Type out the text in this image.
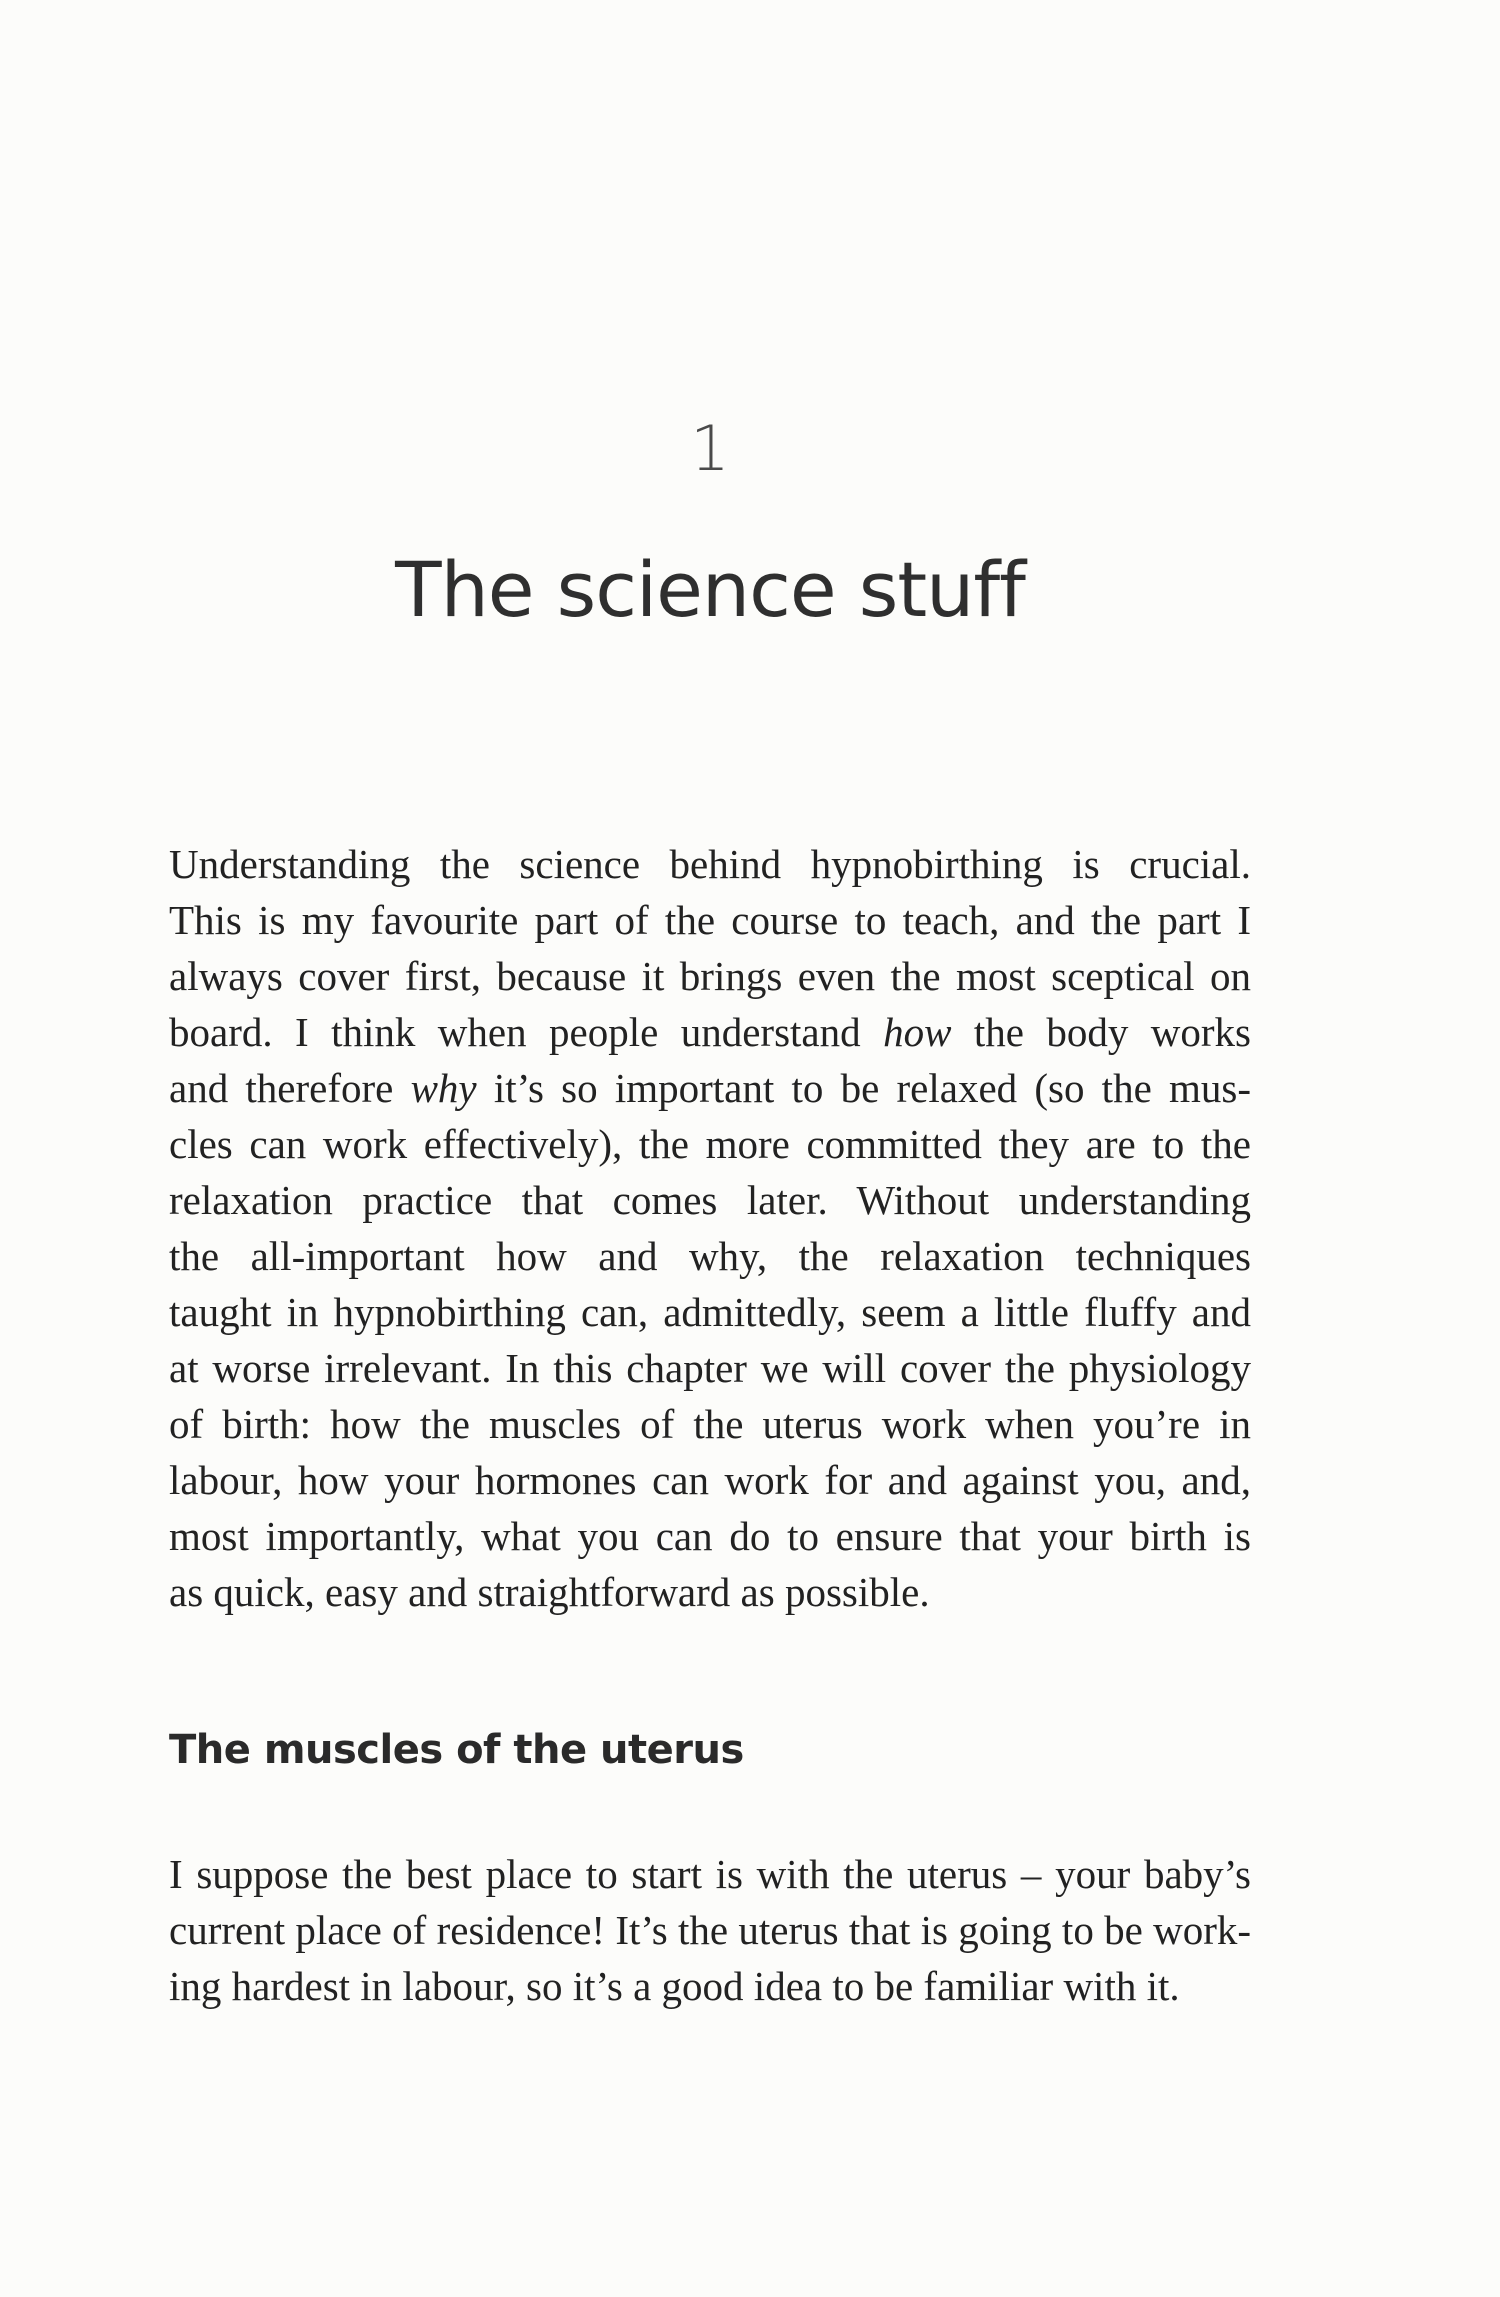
1
The science stuff

Understanding the science behind hypnobirthing is crucial.
This is my favourite part of the course to teach, and the part I
always cover first, because it brings even the most sceptical on
board. I think when people understand how the body works
and therefore why it’s so important to be relaxed (so the mus-
cles can work effectively), the more committed they are to the
relaxation practice that comes later. Without understanding
the all-important how and why, the relaxation techniques
taught in hypnobirthing can, admittedly, seem a little fluffy and
at worse irrelevant. In this chapter we will cover the physiology
of birth: how the muscles of the uterus work when you’re in
labour, how your hormones can work for and against you, and,
most importantly, what you can do to ensure that your birth is
as quick, easy and straightforward as possible.

The muscles of the uterus

I suppose the best place to start is with the uterus – your baby’s
current place of residence! It’s the uterus that is going to be work-
ing hardest in labour, so it’s a good idea to be familiar with it.
